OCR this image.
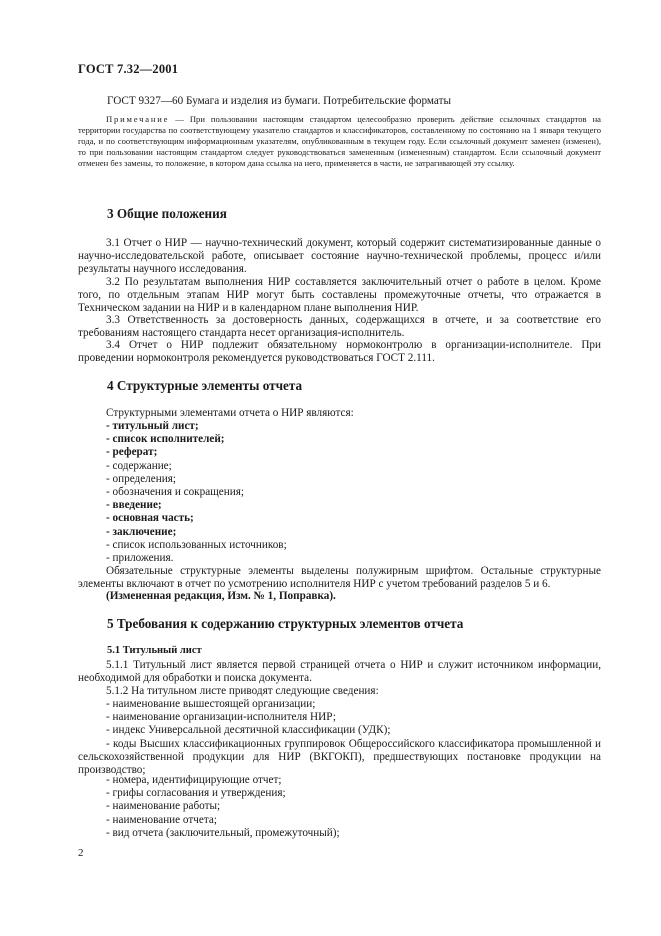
ГОСТ 7.32—2001
ГОСТ 9327—60 Бумага и изделия из бумаги. Потребительские форматы
Примечание — При пользовании настоящим стандартом целесообразно проверить действие ссылочных стандартов на территории государства по соответствующему указателю стандартов и классификаторов, составленному по состоянию на 1 января текущего года, и по соответствующим информационным указателям, опубликованным в текущем году. Если ссылочный документ заменен (изменен), то при пользовании настоящим стандартом следует руководствоваться замененным (измененным) стандартом. Если ссылочный документ отменен без замены, то положение, в котором дана ссылка на него, применяется в части, не затрагивающей эту ссылку.
3 Общие положения
3.1 Отчет о НИР — научно-технический документ, который содержит систематизированные данные о научно-исследовательской работе, описывает состояние научно-технической проблемы, процесс и/или результаты научного исследования.
3.2 По результатам выполнения НИР составляется заключительный отчет о работе в целом. Кроме того, по отдельным этапам НИР могут быть составлены промежуточные отчеты, что отражается в Техническом задании на НИР и в календарном плане выполнения НИР.
3.3 Ответственность за достоверность данных, содержащихся в отчете, и за соответствие его требованиям настоящего стандарта несет организация-исполнитель.
3.4 Отчет о НИР подлежит обязательному нормоконтролю в организации-исполнителе. При проведении нормоконтроля рекомендуется руководствоваться ГОСТ 2.111.
4 Структурные элементы отчета
Структурными элементами отчета о НИР являются:
- титульный лист;
- список исполнителей;
- реферат;
- содержание;
- определения;
- обозначения и сокращения;
- введение;
- основная часть;
- заключение;
- список использованных источников;
- приложения.
Обязательные структурные элементы выделены полужирным шрифтом. Остальные структурные элементы включают в отчет по усмотрению исполнителя НИР с учетом требований разделов 5 и 6.
(Измененная редакция, Изм. № 1, Поправка).
5 Требования к содержанию структурных элементов отчета
5.1 Титульный лист
5.1.1 Титульный лист является первой страницей отчета о НИР и служит источником информации, необходимой для обработки и поиска документа.
5.1.2 На титульном листе приводят следующие сведения:
- наименование вышестоящей организации;
- наименование организации-исполнителя НИР;
- индекс Универсальной десятичной классификации (УДК);
- коды Высших классификационных группировок Общероссийского классификатора промышленной и сельскохозяйственной продукции для НИР (ВКГОКП), предшествующих постановке продукции на производство;
- номера, идентифицирующие отчет;
- грифы согласования и утверждения;
- наименование работы;
- наименование отчета;
- вид отчета (заключительный, промежуточный);
2
